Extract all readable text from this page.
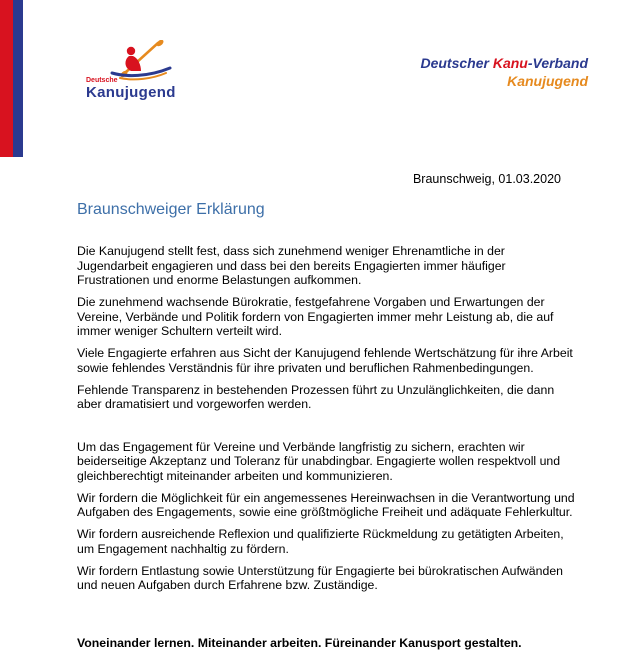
Deutsche
Kanujugend
Deutscher Kanu-Verband
Kanujugend
Braunschweig, 01.03.2020
Braunschweiger Erklärung

Die Kanujugend stellt fest, dass sich zunehmend weniger Ehrenamtliche in der Jugendarbeit engagieren und dass bei den bereits Engagierten immer häufiger Frustrationen und enorme Belastungen aufkommen.

Die zunehmend wachsende Bürokratie, festgefahrene Vorgaben und Erwartungen der Vereine, Verbände und Politik fordern von Engagierten immer mehr Leistung ab, die auf immer weniger Schultern verteilt wird.

Viele Engagierte erfahren aus Sicht der Kanujugend fehlende Wertschätzung für ihre Arbeit sowie fehlendes Verständnis für ihre privaten und beruflichen Rahmenbedingungen.

Fehlende Transparenz in bestehenden Prozessen führt zu Unzulänglichkeiten, die dann aber dramatisiert und vorgeworfen werden.

Um das Engagement für Vereine und Verbände langfristig zu sichern, erachten wir beiderseitige Akzeptanz und Toleranz für unabdingbar. Engagierte wollen respektvoll und gleichberechtigt miteinander arbeiten und kommunizieren.

Wir fordern die Möglichkeit für ein angemessenes Hereinwachsen in die Verantwortung und Aufgaben des Engagements, sowie eine größtmögliche Freiheit und adäquate Fehlerkultur.

Wir fordern ausreichende Reflexion und qualifizierte Rückmeldung zu getätigten Arbeiten, um Engagement nachhaltig zu fördern.

Wir fordern Entlastung sowie Unterstützung für Engagierte bei bürokratischen Aufwänden und neuen Aufgaben durch Erfahrene bzw. Zuständige.

Voneinander lernen. Miteinander arbeiten. Füreinander Kanusport gestalten.
